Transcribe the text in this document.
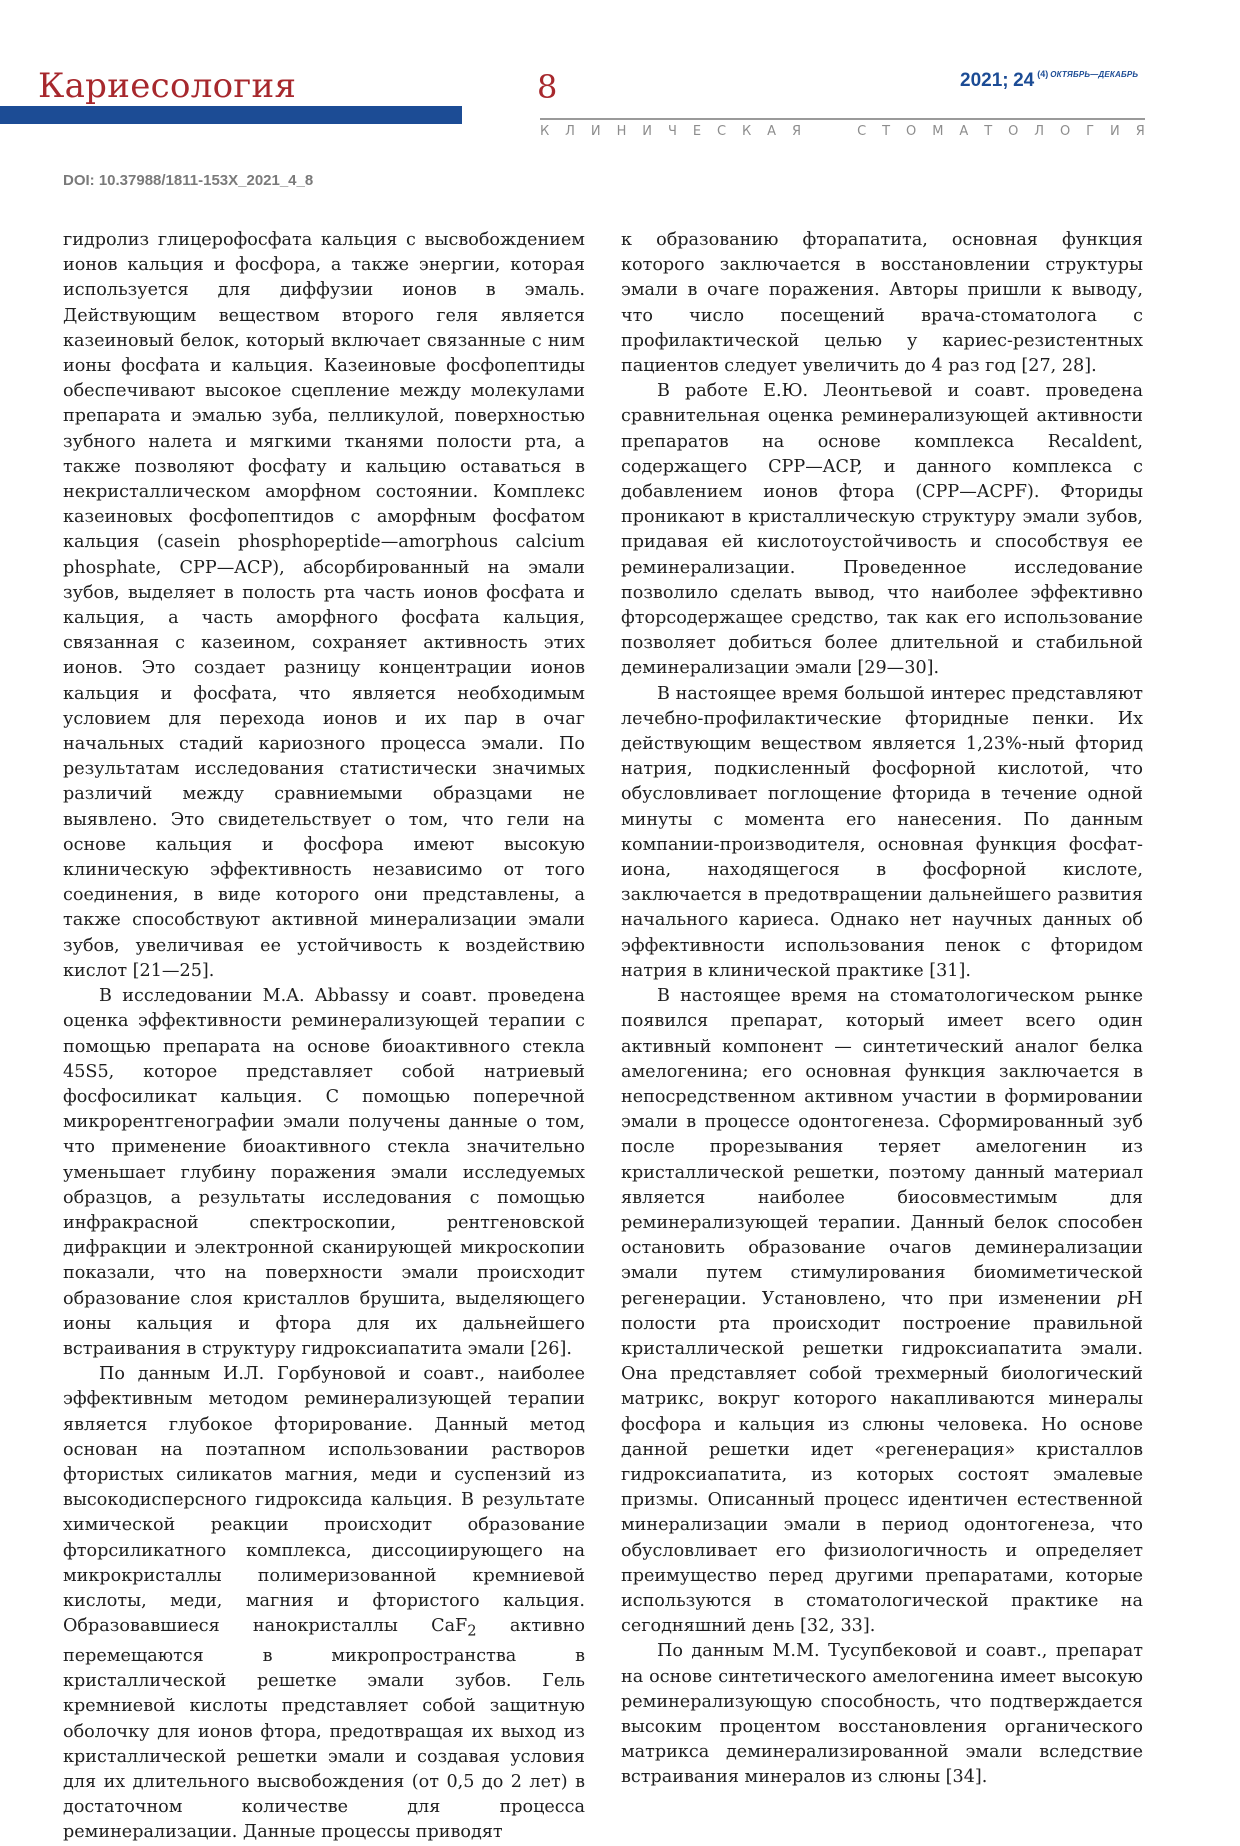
Кариесология	8	2021; 24 $^{(4)}$ $^{ОКТЯБРЬ—ДЕКАБРЬ}$
К Л И Н И Ч Е С К А Я

	С Т О М А Т О Л О Г И Я
DOI: 10.37988/1811-153X_2021_4_8

гидролиз глицерофосфата кальция с высвобождением ионов кальция и фосфора, а также энергии, которая используется для диффузии ионов в эмаль. Действующим веществом второго геля является казеиновый белок, который включает связанные с ним ионы фосфата и кальция. Казеиновые фосфопептиды обеспечивают высокое сцепление между молекулами препарата и эмалью зуба, пелликулой, поверхностью зубного налета и мягкими тканями полости рта, а также позволяют фосфату и кальцию оставаться в некристаллическом аморфном состоянии. Комплекс казеиновых фосфопептидов с аморфным фосфатом кальция (casein phosphopeptide—amorphous calcium phosphate, CPP—ACP), абсорбированный на эмали зубов, выделяет в полость рта часть ионов фосфата и кальция, а часть аморфного фосфата кальция, связанная с казеином, сохраняет активность этих ионов. Это создает разницу концентрации ионов кальция и фосфата, что является необходимым условием для перехода ионов и их пар в очаг начальных стадий кариозного процесса эмали. По результатам исследования статистически значимых различий между сравниемыми образцами не выявлено. Это свидетельствует о том, что гели на основе кальция и фосфора имеют высокую клиническую эффективность независимо от того соединения, в виде которого они представлены, а также способствуют активной минерализации эмали зубов, увеличивая ее устойчивость к воздействию кислот [21—25].

В исследовании M.A. Abbassy и соавт. проведена оценка эффективности реминерализующей терапии с помощью препарата на основе биоактивного стекла 45S5, которое представляет собой натриевый фосфосиликат кальция. С помощью поперечной микрорентгенографии эмали получены данные о том, что применение биоактивного стекла значительно уменьшает глубину поражения эмали исследуемых образцов, а результаты исследования с помощью инфракрасной спектроскопии, рентгеновской дифракции и электронной сканирующей микроскопии показали, что на поверхности эмали происходит образование слоя кристаллов брушита, выделяющего ионы кальция и фтора для их дальнейшего встраивания в структуру гидроксиапатита эмали [26].

По данным И.Л. Горбуновой и соавт., наиболее эффективным методом реминерализующей терапии является глубокое фторирование. Данный метод основан на поэтапном использовании растворов фтористых силикатов магния, меди и суспензий из высокодисперсного гидроксида кальция. В результате химической реакции происходит образование фторсиликатного комплекса, диссоциирующего на микрокристаллы полимеризованной кремниевой кислоты, меди, магния и фтористого кальция. Образовавшиеся нанокристаллы CaF$_2$ активно перемещаются в микропространства в кристаллической решетке эмали зубов. Гель кремниевой кислоты представляет собой защитную оболочку для ионов фтора, предотвращая их выход из кристаллической решетки эмали и создавая условия для их длительного высвобождения (от 0,5 до 2 лет) в достаточном количестве для процесса реминерализации. Данные процессы приводят

к образованию фторапатита, основная функция которого заключается в восстановлении структуры эмали в очаге поражения. Авторы пришли к выводу, что число посещений врача-стоматолога с профилактической целью у кариес-резистентных пациентов следует увеличить до 4 раз год [27, 28].

В работе Е.Ю. Леонтьевой и соавт. проведена сравнительная оценка реминерализующей активности препаратов на основе комплекса Recaldent, содержащего CPP—ACP, и данного комплекса с добавлением ионов фтора (CPP—ACPF). Фториды проникают в кристаллическую структуру эмали зубов, придавая ей кислотоустойчивость и способствуя ее реминерализации. Проведенное исследование позволило сделать вывод, что наиболее эффективно фторсодержащее средство, так как его использование позволяет добиться более длительной и стабильной деминерализации эмали [29—30].

В настоящее время большой интерес представляют лечебно-профилактические фторидные пенки. Их действующим веществом является 1,23%-ный фторид натрия, подкисленный фосфорной кислотой, что обусловливает поглощение фторида в течение одной минуты с момента его нанесения. По данным компании-производителя, основная функция фосфат-иона, находящегося в фосфорной кислоте, заключается в предотвращении дальнейшего развития начального кариеса. Однако нет научных данных об эффективности использования пенок с фторидом натрия в клинической практике [31].

В настоящее время на стоматологическом рынке появился препарат, который имеет всего один активный компонент — синтетический аналог белка амелогенина; его основная функция заключается в непосредственном активном участии в формировании эмали в процессе одонтогенеза. Сформированный зуб после прорезывания теряет амелогенин из кристаллической решетки, поэтому данный материал является наиболее биосовместимым для реминерализующей терапии. Данный белок способен остановить образование очагов деминерализации эмали путем стимулирования биомиметической регенерации. Установлено, что при изменении pH полости рта происходит построение правильной кристаллической решетки гидроксиапатита эмали. Она представляет собой трехмерный биологический матрикс, вокруг которого накапливаются минералы фосфора и кальция из слюны человека. Но основе данной решетки идет «регенерация» кристаллов гидроксиапатита, из которых состоят эмалевые призмы. Описанный процесс идентичен естественной минерализации эмали в период одонтогенеза, что обусловливает его физиологичность и определяет преимущество перед другими препаратами, которые используются в стоматологической практике на сегодняшний день [32, 33].

По данным М.М. Тусупбековой и соавт., препарат на основе синтетического амелогенина имеет высокую реминерализующую способность, что подтверждается высоким процентом восстановления органического матрикса деминерализированной эмали вследствие встраивания минералов из слюны [34].
